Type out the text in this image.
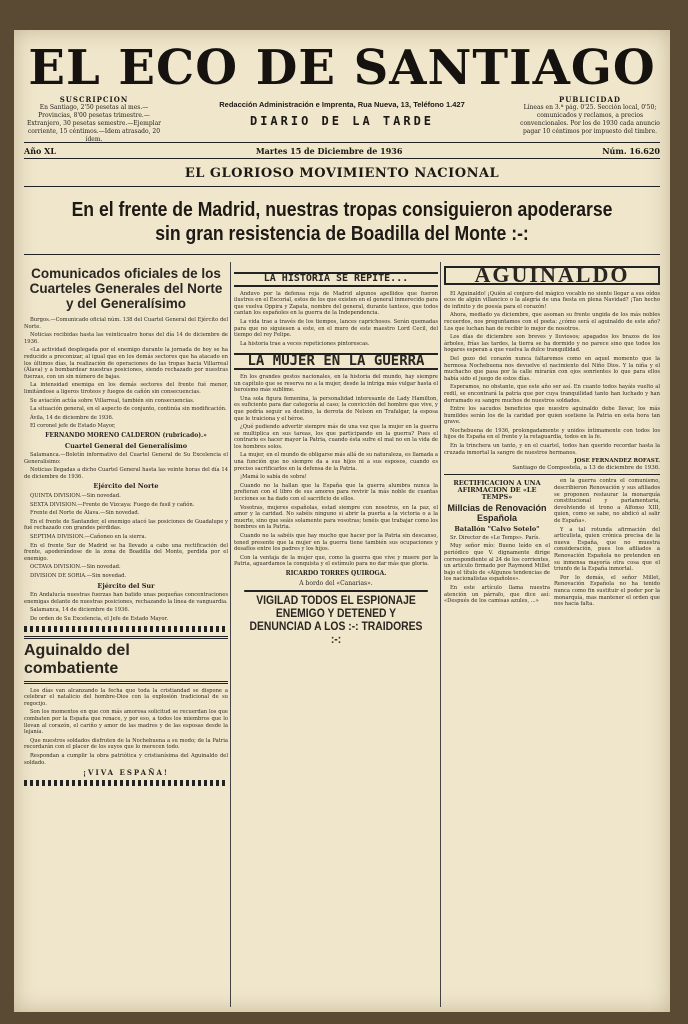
EL ECO DE SANTIAGO
SUSCRIPCION
En Santiago, 2'50 pesetas al mes.—Provincias, 8'00 pesetas trimestre.—Extranjero, 30 pesetas semestre.—Ejemplar corriente, 15 céntimos.—Idem atrasado, 20 ídem.
Redacción Administración e Imprenta, Rua Nueva, 13, Teléfono 1.427
DIARIO DE LA TARDE
PUBLICIDAD
Líneas en 3.ª pág. 0'25. Sección local, 0'50; comunicados y reclamos, a precios convencionales. Por los de 1930 cada anuncio pagar 10 céntimos por impuesto del timbre.
Año XL	Martes 15 de Diciembre de 1936	Núm. 16.620
EL GLORIOSO MOVIMIENTO NACIONAL
En el frente de Madrid, nuestras tropas consiguieron apoderarse sin gran resistencia de Boadilla del Monte :-:
Comunicados oficiales de los Cuarteles Generales del Norte y del Generalísimo

Burgos.—Comunicado oficial núm. 138 del Cuartel General del Ejército del Norte.

Noticias recibidas hasta las veinticuatro horas del día 14 de diciembre de 1936.

«La actividad desplegada por el enemigo durante la jornada de hoy se ha reducido a preconizar, al igual que en los demás sectores que ha atacado en los últimos días, la realización de operaciones de las tropas hacia Villarreal (Álava) y a bombardear nuestras posiciones, siendo rechazado por nuestras fuerzas, con un sin número de bajas.

La intensidad enemiga en los demás sectores del frente fué menor, limitándose a ligeros tiroteos y fuegos de cañón sin consecuencias.

Su aviación actúa sobre Villarreal, también sin consecuencias.

La situación general, en el aspecto de conjunto, continúa sin modificación.

Ávila, 14 de diciembre de 1936.

El coronel jefe de Estado Mayor,

FERNANDO MORENO CALDERON (rubricado).»
Cuartel General del Generalísimo

Salamanca.—Boletín informativo del Cuartel General de Su Excelencia el Generalísimo:

Noticias llegadas a dicho Cuartel General hasta las veinte horas del día 14 de diciembre de 1936.

Ejército del Norte

QUINTA DIVISION.—Sin novedad.

SEXTA DIVISION.—Frente de Vizcaya: Fuego de fusil y cañón.

Frente del Norte de Álava.—Sin novedad.

En el frente de Santander, el enemigo atacó las posiciones de Guadalupe y fué rechazado con grandes pérdidas.

SEPTIMA DIVISION.—Cañoneo en la sierra.

En el frente Sur de Madrid se ha llevado a cabo una rectificación del frente, apoderándose de la zona de Boadilla del Monte, perdida por el enemigo.

OCTAVA DIVISION.—Sin novedad.

DIVISION DE SORIA.—Sin novedad.

Ejército del Sur

En Andalucía nuestras fuerzas han batido unas pequeñas concentraciones enemigas delante de nuestras posiciones, rechazando la línea de vanguardia.

Salamanca, 14 de diciembre de 1936.

De orden de Su Excelencia, el Jefe de Estado Mayor.

Aguinaldo del combatiente

Los días van alcanzando la fecha que toda la cristiandad se dispone a celebrar el natalicio del hombre-Dios con la explosión tradicional de su regocijo.

Son los momentos en que con más amorosa solicitud se recuerdan los que combaten por la España que renace, y por eso, a todos los miembros que lo llevan al corazón, el cariño y amor de las madres y de las esposas desde la lejanía.

Que nuestros soldados disfruten de la Nochebuena a su modo; de la Patria recordarán con el placer de los suyos que lo merecen todo.

Respondan a cumplir la obra patriótica y cristianísima del Aguinaldo del soldado.

¡VIVA ESPAÑA!
LA HISTORIA SE REPITE...

Anduvo por la defensa roja de Madrid algunos apellidos que fueron ilustres en el Escorial, estos de los que existen en el general inmerecido para que vuelva Oppira y Zapata, nombre del general, durante tanteos, que todos cantan los españoles en la guerra de la Independencia.

La vida trae a través de los tiempos, lances caprichosos. Serán quemadas para que no siguiesen a este, en el muro de este maestro Lord Cecil, del tiempo del rey Felipe.

La historia trae a veces repeticiones pintorescas.

LA MUJER EN LA GUERRA

En los grandes gestos nacionales, en la historia del mundo, hay siempre un capítulo que se reserva no a la mujer, desde la intriga más vulgar hasta el heroísmo más sublime.

Una sola figura femenina, la personalidad interesante de Lady Hamilton, es suficiente para dar categoría al caso; la convicción del hombre que vive, y que podría seguir su destino, la derrota de Nelson en Trafalgar, la esposa que le traiciona y el héroe.

¿Qué pudiendo advertir siempre más de una vez que la mujer en la guerra se multiplica en sus tareas, los que participando en la guerra? Pues el contrario es hacer mayor la Patria, cuando ésta sufre el mal no en la vida de los hombres solos.

La mujer, en el mundo de obligarse más allá de su naturaleza, es llamada a una función que no siempre da a sus hijos ni a sus esposos, cuando es preciso sacrificarlos en la defensa de la Patria.

¡Mamá lo sabía de sobra!

Cuando no la hallan que la España que la guerra alumbra nunca la prefieran con el libro de sus amores para revivir la más noble de cuantas lecciones se ha dado con el sacrificio de ellos.

Vosotras, mujeres españolas, estad siempre con nosotros, en la paz, el amor y la caridad. No sabéis ninguno si abrir la puerta a la victoria o a la muerte, sino que seáis solamente para vosotras; tenéis que trabajar como los hombres en la Patria.

Cuando no la sabéis que hay mucho que hacer por la Patria sin descanso, tened presente que la mujer en la guerra tiene también sus ocupaciones y desafíos entre los padres y los hijos.

Con la ventaja de la mujer que, como la guerra que vive y muere por la Patria, aguardamos la conquista y el estímulo para no dar más que gloria.

RICARDO TORRES QUIROGA.
A bordo del «Canarias».
VIGILAD TODOS EL ESPIONAJE ENEMIGO Y DETENED Y DENUNCIAD A LOS :-: TRAIDORES :-:
AGUINALDO

El Aguinaldo! ¡Quién al conjuro del mágico vocablo no siente llegar a sus oídos ecos de algún villancico o la alegría de una fiesta en plena Navidad? ¡Tan hecho de infinito y de poesía para el corazón!

Ahora, mediado ya diciembre, que asoman su frente ungida de los más nobles recuerdos, nos preguntamos con el poeta: ¿cómo será el aguinaldo de este año? Los que luchan han de recibir lo mejor de nosotros.

Los días de diciembre son breves y lluviosos; apagados los brazos de los árboles, frías las tardes, la tierra se ha dormido y no parece sino que todos los hogares esperan a que vuelva la dulce tranquilidad.

Del gozo del corazón nunca faltaremos como en aquel momento que la hermosa Nochebuena nos devuelve el nacimiento del Niño Dios. Y la niña y el muchacho que pasa por la calle mirarán con ojos sonrientes lo que para ellos había sido el juego de estos días.

Esperamos, no obstante, que este año ser así. En cuanto todos hayáis vuelto al redil, se encontrará la patria que por cuya tranquilidad tanto han luchado y han derramado su sangre muchos de nuestros soldados.

Entre los sacudos beneficios que nuestro aguinaldo debe llevar, los más humildes serán los de la caridad por quien sostiene la Patria en esta hora tan grave.

Nochebuena de 1936, prolongadamente y unidos íntimamente con todos los hijos de España en el frente y la retaguardia, todos en la fe.

En la trinchera un tanto, y en el cuartel, todos han querido recordar hasta la cruzada inmortal la sangre de nuestros hermanos.

JOSE FERNANDEZ ROFAST.
Santiago de Compostela, a 13 de diciembre de 1936.
RECTIFICACION A UNA AFIRMACION DE «LE TEMPS»
Millcias de Renovación Española
Batallón "Calvo Sotelo"

Sr. Director de «Le Temps». París.

Muy señor mío: Bueno leído en el periódico que V. dignamente dirige correspondiente al 24 de los corrientes, un artículo firmado por Raymond Millet bajo el título de «Algunos tendencias de los nacionalistas españoles».

En este artículo llama nuestra atención un párrafo, que dice así: «Después de los camisas azules, ...»

en la guerra contra el comunismo, describieron Renovación y sus afiliados se proponen restaurar la monarquía constitucional y parlamentaria, devolviendo el trono a Alfonso XIII, quien, como se sabe, no abdicó al salir de España».

Y a tal rotunda afirmación del articulista, quien crónica precisa de la nueva España, que no muestra consideración, pues los afiliados a Renovación Española no pretenden en su inmensa mayoría otra cosa que el triunfo de la España inmortal.

Por lo demás, el señor Millet, Renovación Española no ha tenido nunca como fin sustituir el poder por la monarquía, mas mantener el orden que nos hacía falta.
